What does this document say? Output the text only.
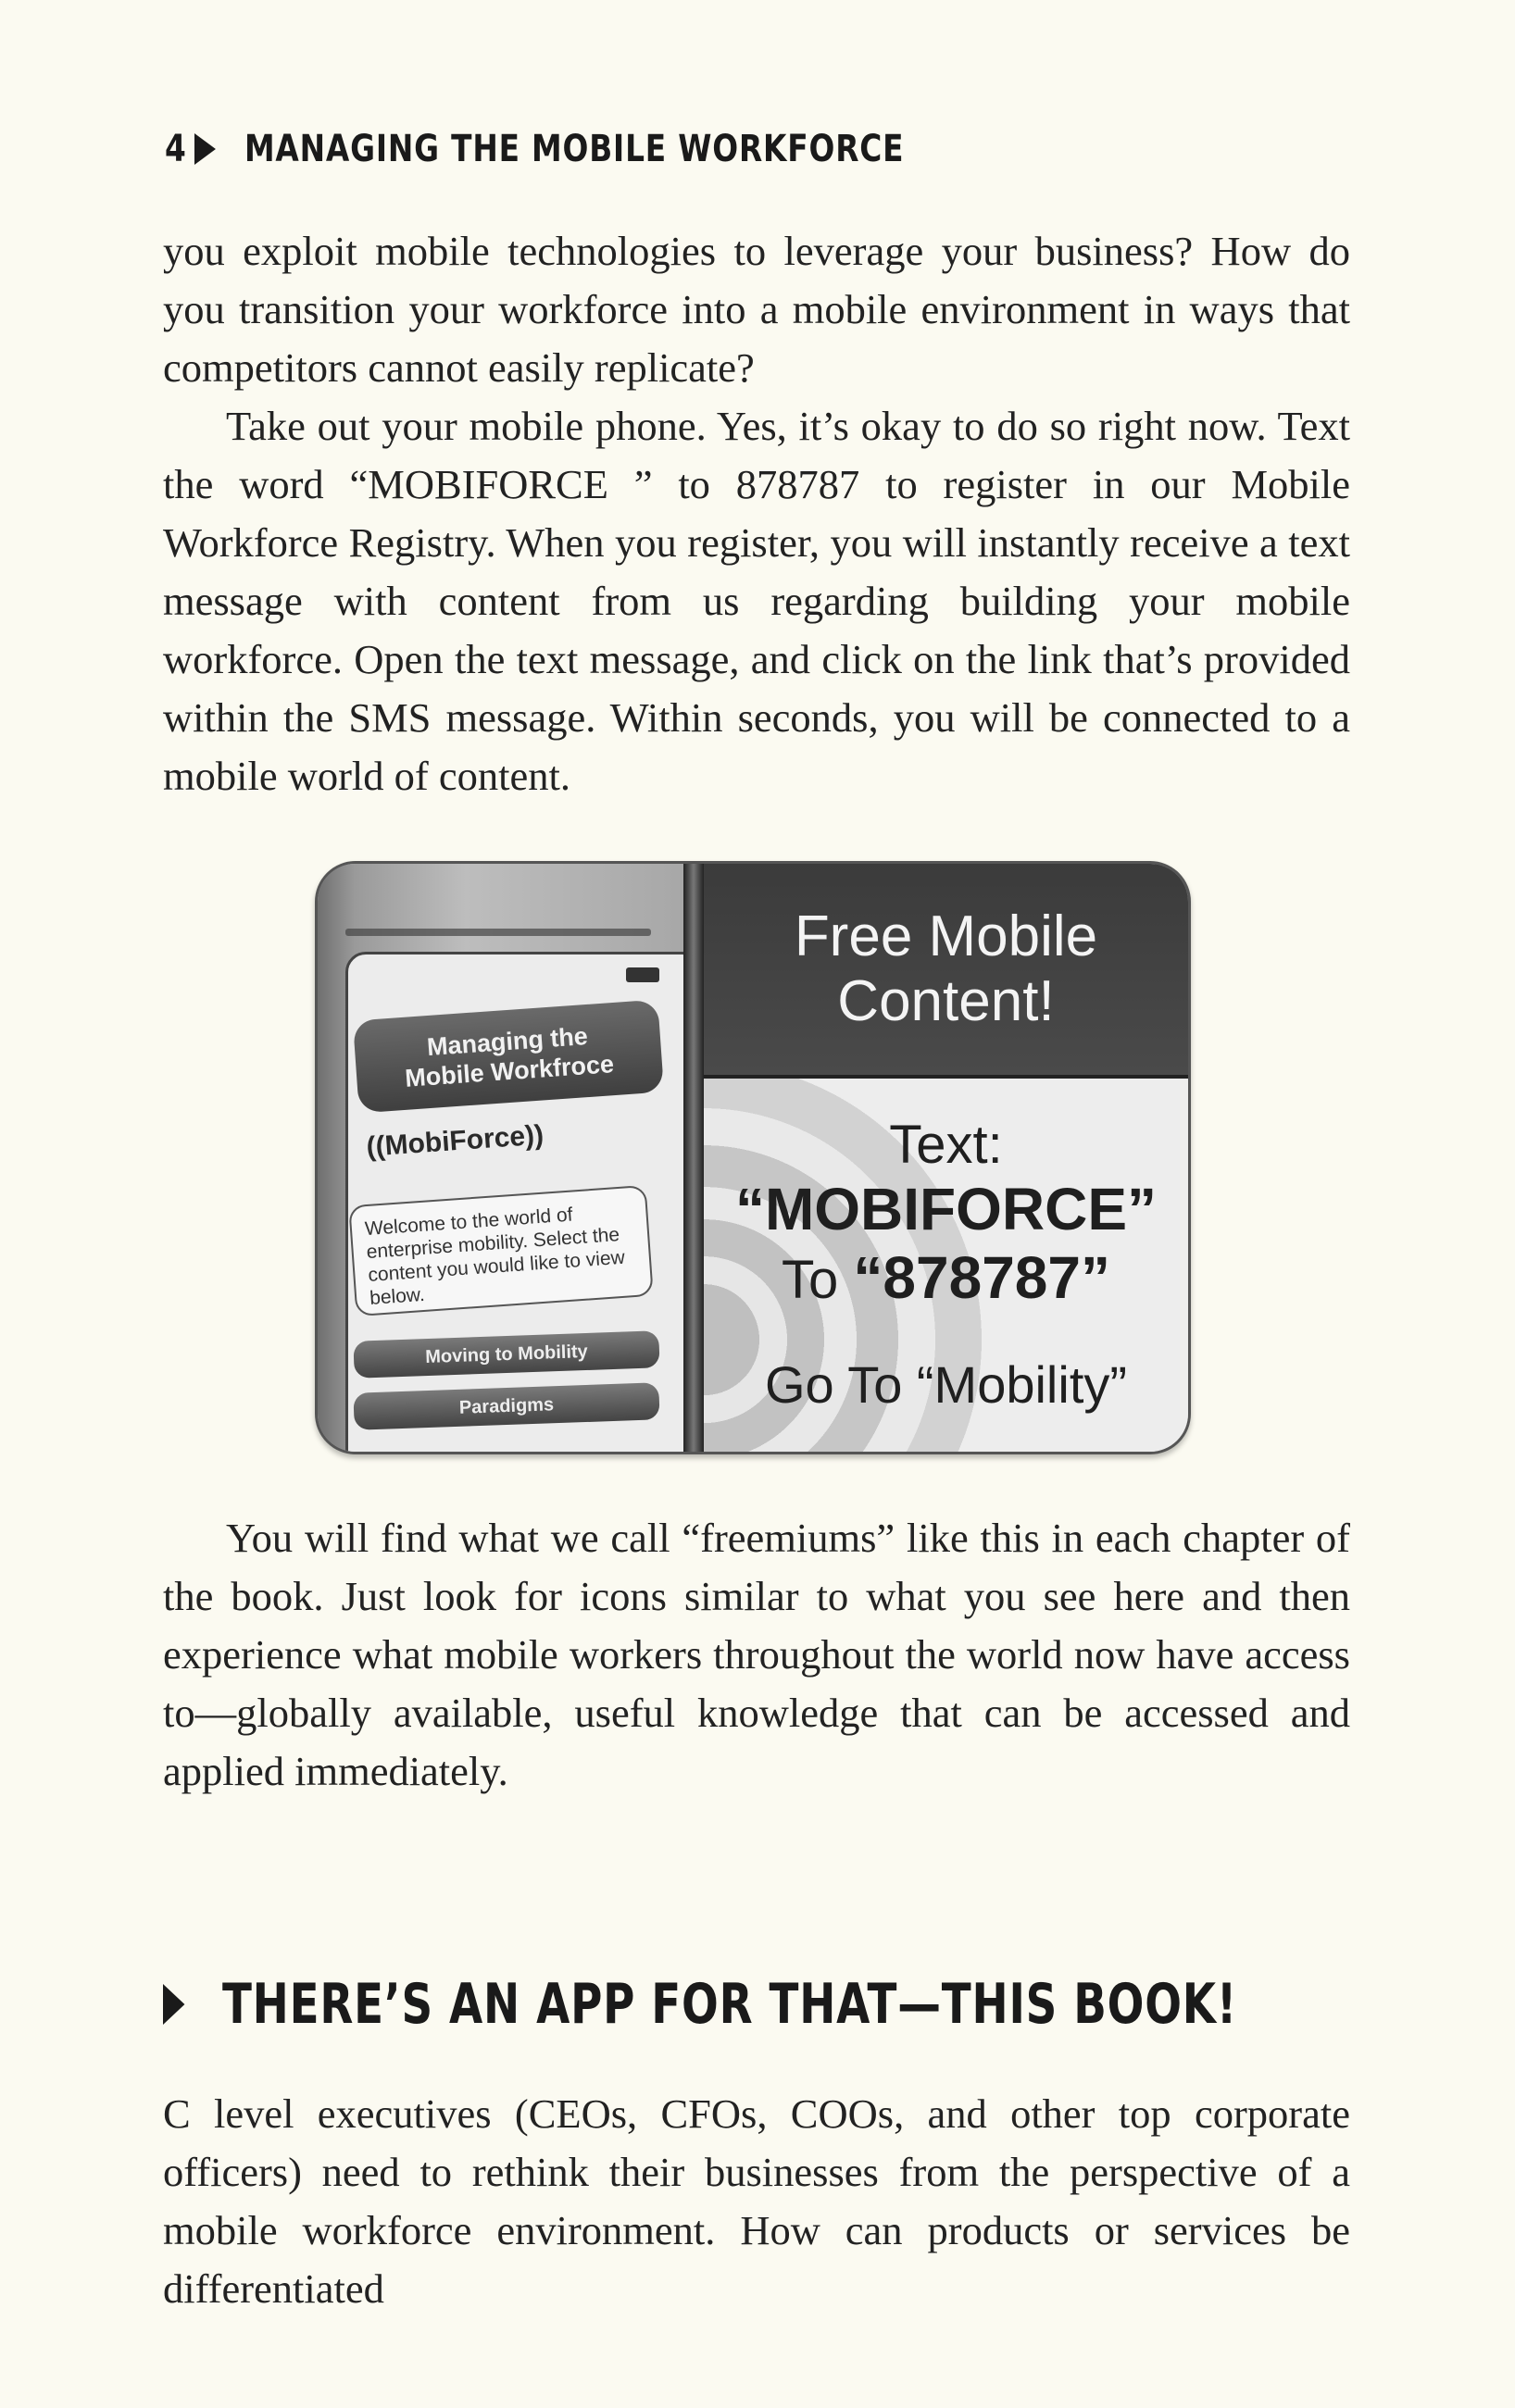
4 MANAGING THE MOBILE WORKFORCE

you exploit mobile technologies to leverage your business? How do you transition your workforce into a mobile environment in ways that competitors cannot easily replicate?

Take out your mobile phone. Yes, it’s okay to do so right now. Text the word “MOBIFORCE ” to 878787 to register in our Mobile Workforce Registry. When you register, you will instantly receive a text message with content from us regarding building your mobile workforce. Open the text message, and click on the link that’s provided within the SMS message. Within seconds, you will be connected to a mobile world of content.

Managing the
Mobile Workfroce
((MobiForce))
Welcome to the world of enterprise mobility. Select the content you would like to view below.
Moving to Mobility
Paradigms
Free Mobile
Content!
Text:
“MOBIFORCE”
To “878787”
Go To “Mobility”

You will find what we call “freemiums” like this in each chapter of the book. Just look for icons similar to what you see here and then experience what mobile workers throughout the world now have access to—globally available, useful knowledge that can be accessed and applied immediately.

THERE’S AN APP FOR THAT—THIS BOOK!

C level executives (CEOs, CFOs, COOs, and other top corporate officers) need to rethink their businesses from the perspective of a mobile workforce environment. How can products or services be differentiated
